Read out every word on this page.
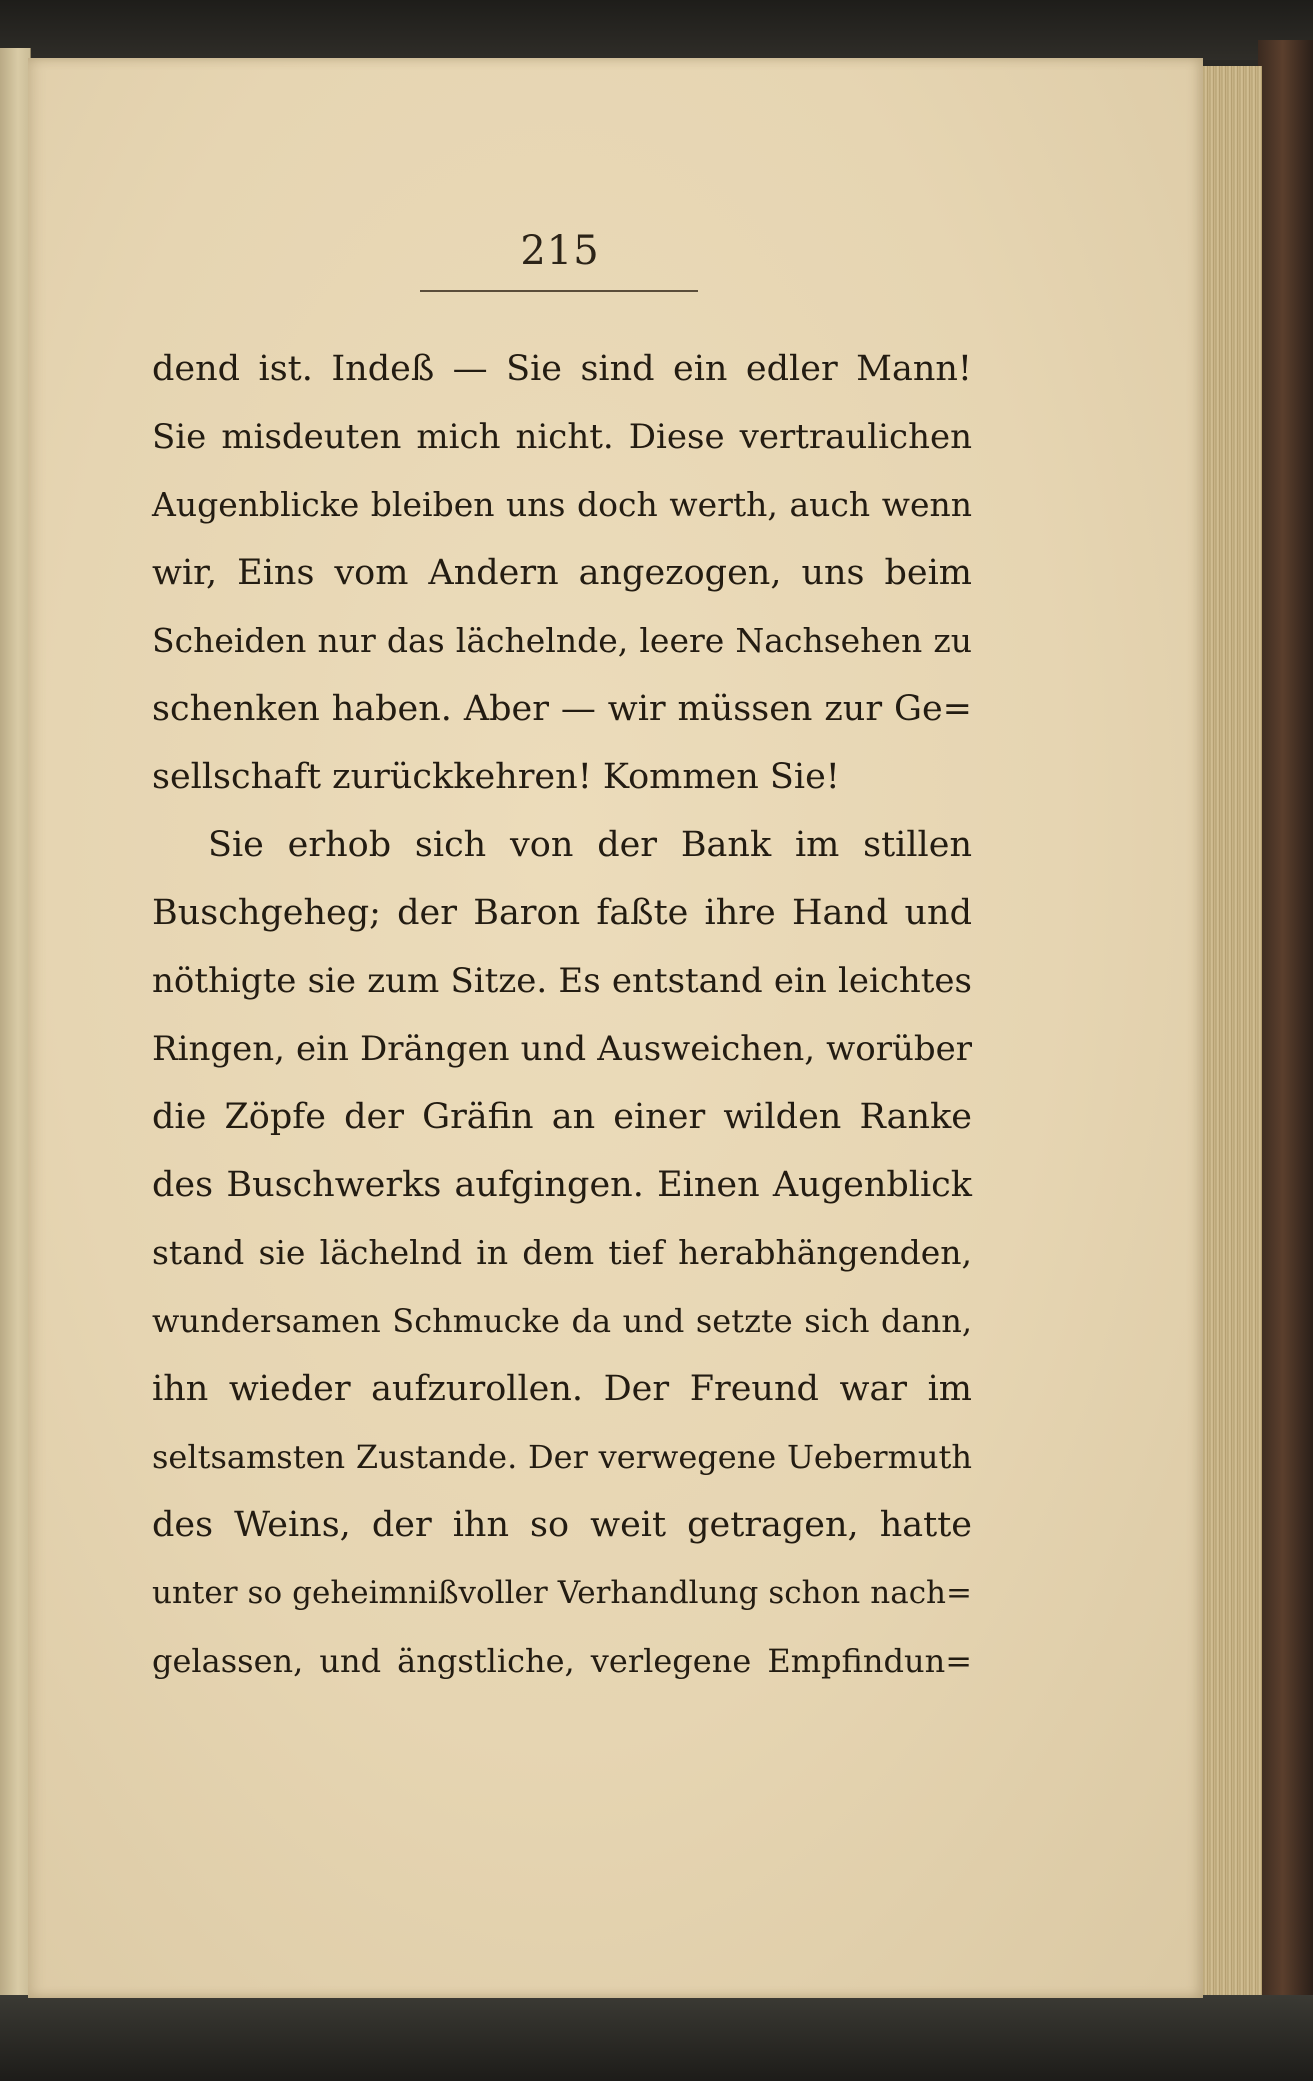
215
dend ist. Indeß — Sie sind ein edler Mann!
Sie misdeuten mich nicht. Diese vertraulichen
Augenblicke bleiben uns doch werth, auch wenn
wir, Eins vom Andern angezogen, uns beim
Scheiden nur das lächelnde, leere Nachsehen zu
schenken haben. Aber — wir müssen zur Ge=
sellschaft zurückkehren! Kommen Sie!
Sie erhob sich von der Bank im stillen
Buschgeheg; der Baron faßte ihre Hand und
nöthigte sie zum Sitze. Es entstand ein leichtes
Ringen, ein Drängen und Ausweichen, worüber
die Zöpfe der Gräfin an einer wilden Ranke
des Buschwerks aufgingen. Einen Augenblick
stand sie lächelnd in dem tief herabhängenden,
wundersamen Schmucke da und setzte sich dann,
ihn wieder aufzurollen. Der Freund war im
seltsamsten Zustande. Der verwegene Uebermuth
des Weins, der ihn so weit getragen, hatte
unter so geheimnißvoller Verhandlung schon nach=
gelassen, und ängstliche, verlegene Empfindun=
